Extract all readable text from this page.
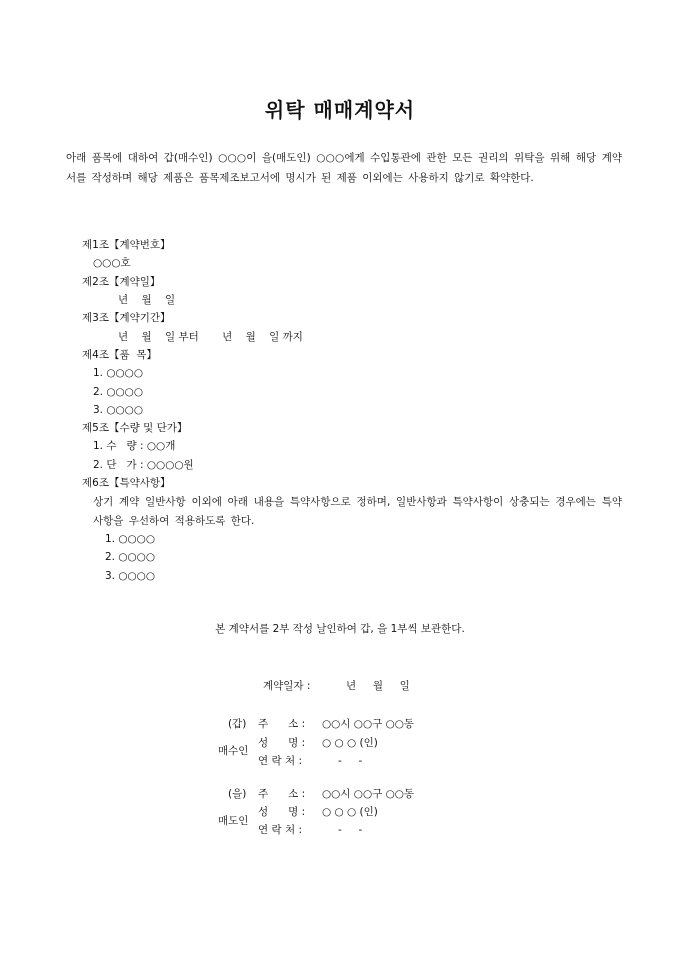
위탁 매매계약서
아래 품목에 대하여 갑(매수인) ○○○이 을(매도인) ○○○에게 수입통관에 관한 모든 권리의 위탁을 위해 해당 계약서를 작성하며 해당 제품은 품목제조보고서에 명시가 된 제품 이외에는 사용하지 않기로 확약한다.
제1조【계약번호】
○○○호
제2조【계약일】
년    월    일
제3조【계약기간】
년    월    일 부터       년    월    일 까지
제4조【품  목】
1. ○○○○
2. ○○○○
3. ○○○○
제5조【수량 및 단가】
1. 수   량 : ○○개
2. 단   가 : ○○○○원
제6조【특약사항】
상기 계약 일반사항 이외에 아래 내용을 특약사항으로 정하며, 일반사항과 특약사항이 상충되는 경우에는 특약사항을 우선하여 적용하도록 한다.
1. ○○○○
2. ○○○○
3. ○○○○
본 계약서를 2부 작성 날인하여 갑, 을 1부씩 보관한다.
계약일자 :	년     월     일
(갑)
매수인
주      소 : ○○시 ○○구 ○○동
성      명 : ○ ○ ○ (인)
연 락 처 :	-     -
(을)
매도인
주      소 : ○○시 ○○구 ○○동
성      명 : ○ ○ ○ (인)
연 락 처 :	-     -
